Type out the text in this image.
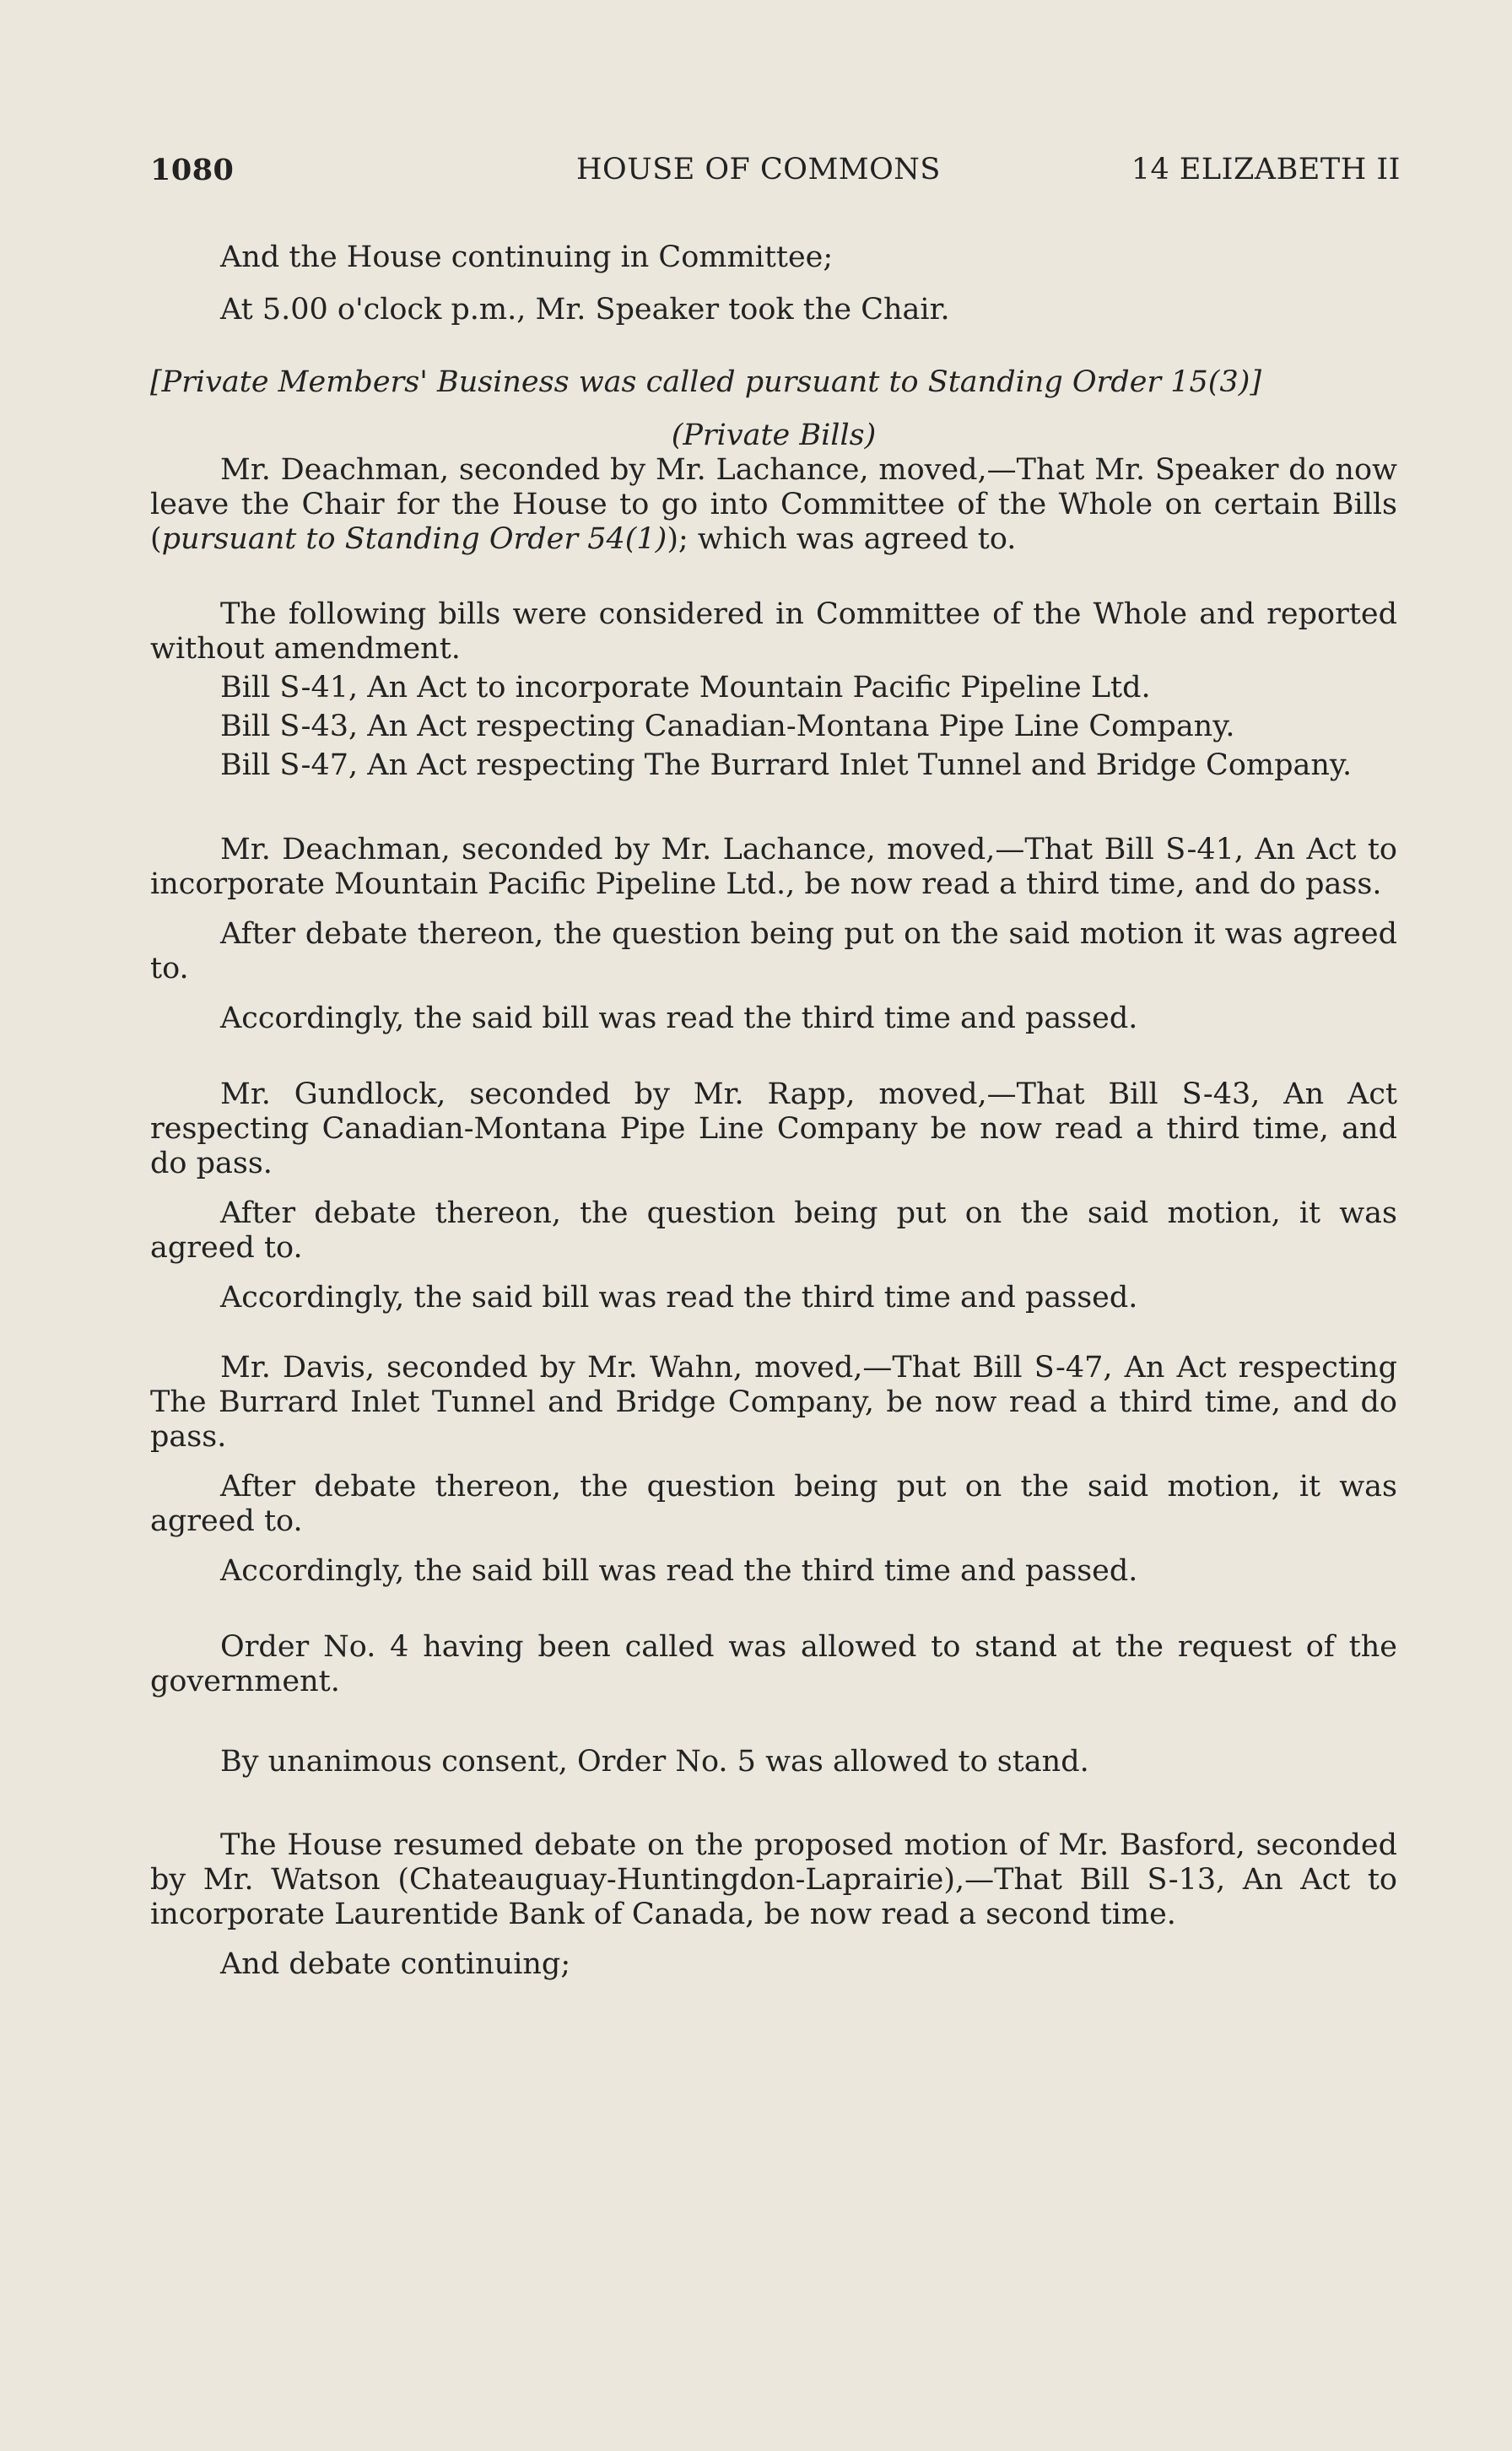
1080	HOUSE OF COMMONS	14 ELIZABETH II

And the House continuing in Committee;

At 5.00 o'clock p.m., Mr. Speaker took the Chair.

[Private Members' Business was called pursuant to Standing Order 15(3)]

(Private Bills)

Mr. Deachman, seconded by Mr. Lachance, moved,—That Mr. Speaker do now leave the Chair for the House to go into Committee of the Whole on certain Bills (pursuant to Standing Order 54(1)); which was agreed to.

The following bills were considered in Committee of the Whole and reported without amendment.

Bill S-41, An Act to incorporate Mountain Pacific Pipeline Ltd.

Bill S-43, An Act respecting Canadian-Montana Pipe Line Company.

Bill S-47, An Act respecting The Burrard Inlet Tunnel and Bridge Company.

Mr. Deachman, seconded by Mr. Lachance, moved,—That Bill S-41, An Act to incorporate Mountain Pacific Pipeline Ltd., be now read a third time, and do pass.

After debate thereon, the question being put on the said motion it was agreed to.

Accordingly, the said bill was read the third time and passed.

Mr. Gundlock, seconded by Mr. Rapp, moved,—That Bill S-43, An Act respecting Canadian-Montana Pipe Line Company be now read a third time, and do pass.

After debate thereon, the question being put on the said motion, it was agreed to.

Accordingly, the said bill was read the third time and passed.

Mr. Davis, seconded by Mr. Wahn, moved,—That Bill S-47, An Act respecting The Burrard Inlet Tunnel and Bridge Company, be now read a third time, and do pass.

After debate thereon, the question being put on the said motion, it was agreed to.

Accordingly, the said bill was read the third time and passed.

Order No. 4 having been called was allowed to stand at the request of the government.

By unanimous consent, Order No. 5 was allowed to stand.

The House resumed debate on the proposed motion of Mr. Basford, seconded by Mr. Watson (Chateauguay-Huntingdon-Laprairie),—That Bill S-13, An Act to incorporate Laurentide Bank of Canada, be now read a second time.

And debate continuing;
